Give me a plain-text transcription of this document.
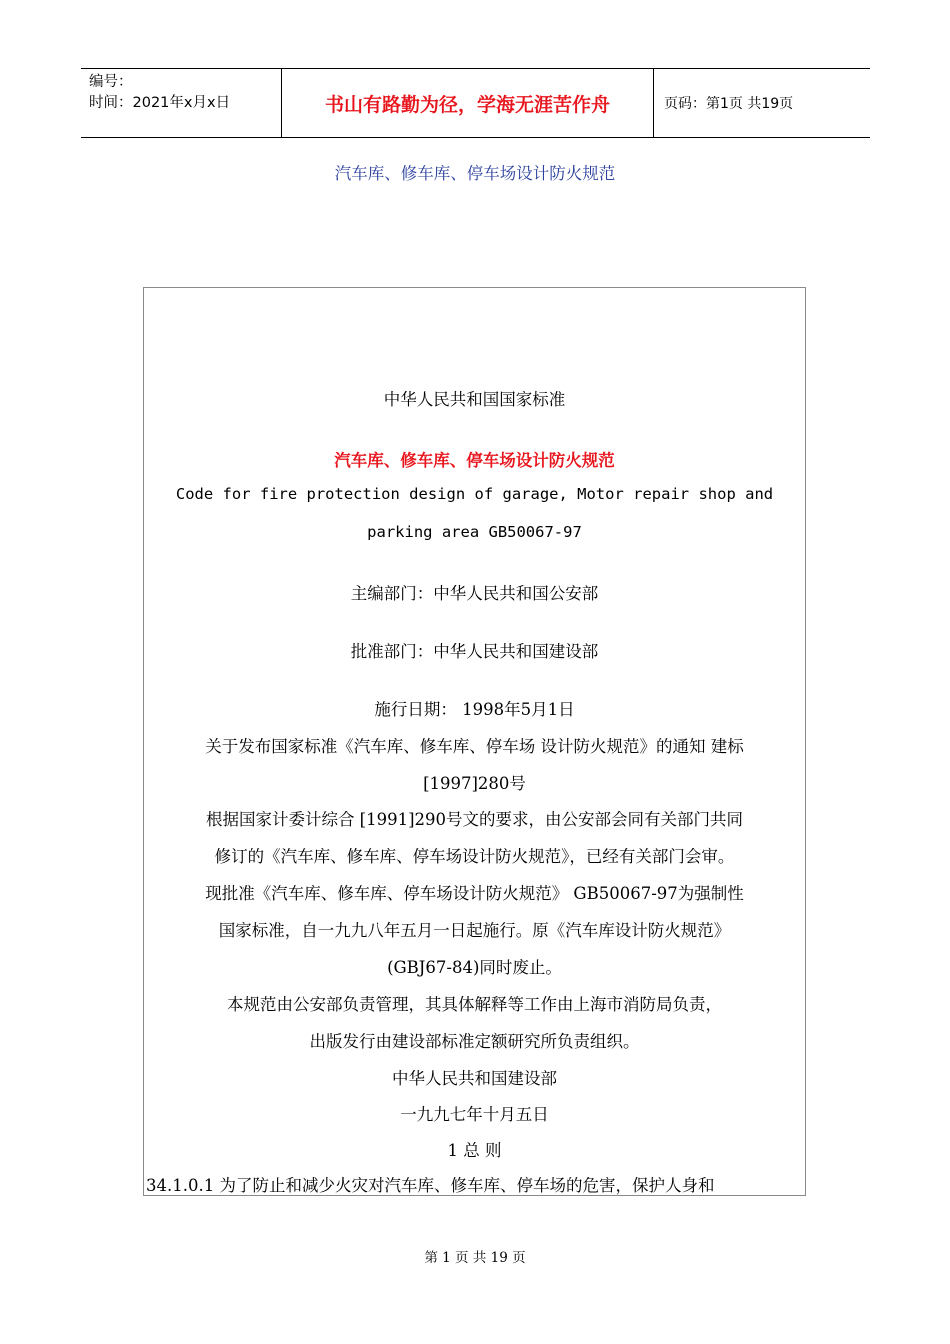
编号：
时间：2021年x月x日	书山有路勤为径，学海无涯苦作舟	页码：第1页 共19页
汽车库、修车库、停车场设计防火规范
中华人民共和国国家标准
汽车库、修车库、停车场设计防火规范
Code for fire protection design of garage, Motor repair shop and
parking area GB50067-97
主编部门：中华人民共和国公安部
批准部门：中华人民共和国建设部
施行日期： 1998年5月1日
关于发布国家标准《汽车库、修车库、停车场 设计防火规范》的通知 建标
[1997]280号
根据国家计委计综合 [1991]290号文的要求，由公安部会同有关部门共同
修订的《汽车库、修车库、停车场设计防火规范》，已经有关部门会审。
现批准《汽车库、修车库、停车场设计防火规范》 GB50067-97为强制性
国家标准，自一九九八年五月一日起施行。原《汽车库设计防火规范》
(GBJ67-84)同时废止。
本规范由公安部负责管理，其具体解释等工作由上海市消防局负责，
出版发行由建设部标准定额研究所负责组织。
中华人民共和国建设部
一九九七年十月五日
1 总 则
34.1.0.1 为了防止和减少火灾对汽车库、修车库、停车场的危害，保护人身和
第 1 页 共 19 页
